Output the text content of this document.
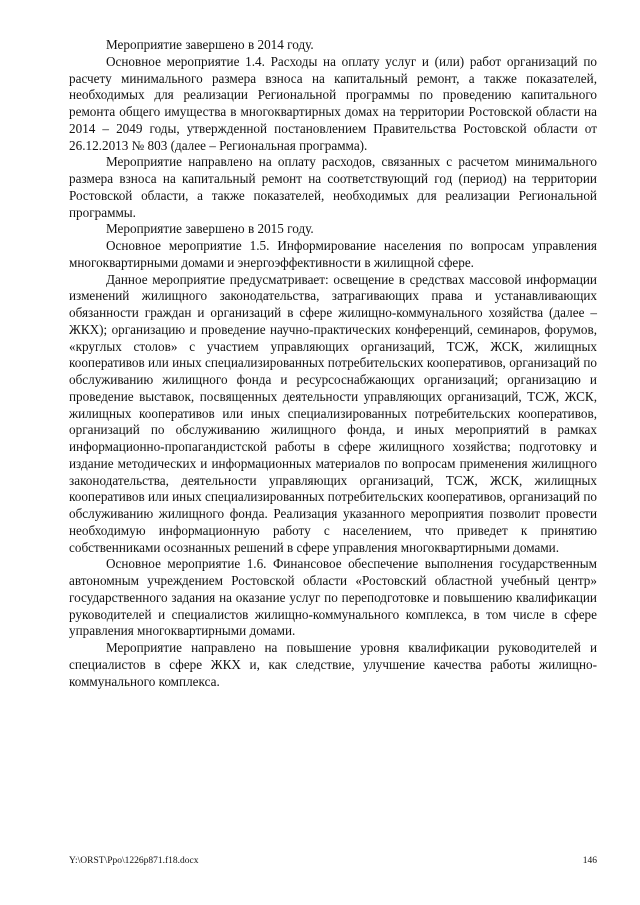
Мероприятие завершено в 2014 году.

Основное мероприятие 1.4. Расходы на оплату услуг и (или) работ организаций по расчету минимального размера взноса на капитальный ремонт, а также показателей, необходимых для реализации Региональной программы по проведению капитального ремонта общего имущества в многоквартирных домах на территории Ростовской области на 2014 – 2049 годы, утвержденной постановлением Правительства Ростовской области от 26.12.2013 № 803 (далее – Региональная программа).

Мероприятие направлено на оплату расходов, связанных с расчетом минимального размера взноса на капитальный ремонт на соответствующий год (период) на территории Ростовской области, а также показателей, необходимых для реализации Региональной программы.

Мероприятие завершено в 2015 году.

Основное мероприятие 1.5. Информирование населения по вопросам управления многоквартирными домами и энергоэффективности в жилищной сфере.

Данное мероприятие предусматривает: освещение в средствах массовой информации изменений жилищного законодательства, затрагивающих права и устанавливающих обязанности граждан и организаций в сфере жилищно-коммунального хозяйства (далее – ЖКХ); организацию и проведение научно-практических конференций, семинаров, форумов, «круглых столов» с участием управляющих организаций, ТСЖ, ЖСК, жилищных кооперативов или иных специализированных потребительских кооперативов, организаций по обслуживанию жилищного фонда и ресурсоснабжающих организаций; организацию и проведение выставок, посвященных деятельности управляющих организаций, ТСЖ, ЖСК, жилищных кооперативов или иных специализированных потребительских кооперативов, организаций по обслуживанию жилищного фонда, и иных мероприятий в рамках информационно-пропагандистской работы в сфере жилищного хозяйства; подготовку и издание методических и информационных материалов по вопросам применения жилищного законодательства, деятельности управляющих организаций, ТСЖ, ЖСК, жилищных кооперативов или иных специализированных потребительских кооперативов, организаций по обслуживанию жилищного фонда. Реализация указанного мероприятия позволит провести необходимую информационную работу с населением, что приведет к принятию собственниками осознанных решений в сфере управления многоквартирными домами.

Основное мероприятие 1.6. Финансовое обеспечение выполнения государственным автономным учреждением Ростовской области «Ростовский областной учебный центр» государственного задания на оказание услуг по переподготовке и повышению квалификации руководителей и специалистов жилищно-коммунального комплекса, в том числе в сфере управления многоквартирными домами.

Мероприятие направлено на повышение уровня квалификации руководителей и специалистов в сфере ЖКХ и, как следствие, улучшение качества работы жилищно-коммунального комплекса.

Y:\ORST\Ppo\1226p871.f18.docx	146
